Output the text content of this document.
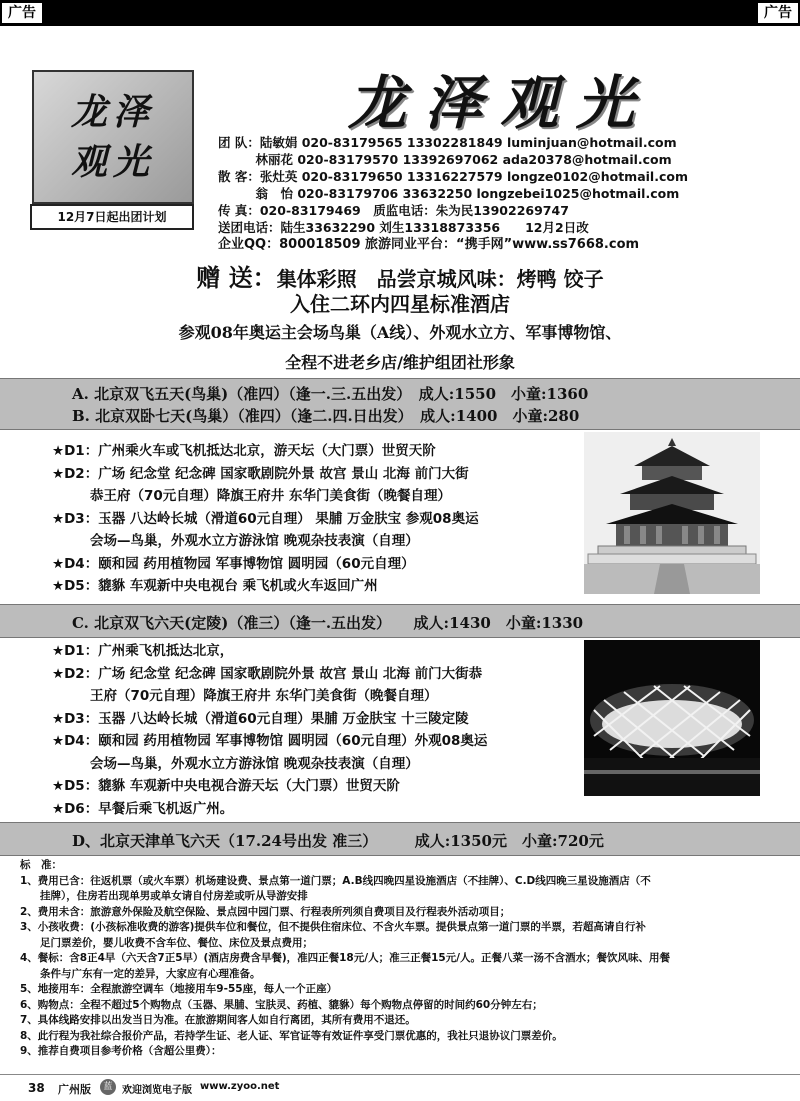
广告	广告
龙泽
观光
12月7日起出团计划
龙泽观光
团 队：陆敏娟 020-83179565 13302281849 luminjuan@hotmail.com
　　　林丽花 020-83179570 13392697062 ada20378@hotmail.com
散 客：张灶英 020-83179650 13316227579 longze0102@hotmail.com
　　　翁　怡 020-83179706 33632250 longzebei1025@hotmail.com
传 真：020-83179469　质监电话：朱为民13902269747
送团电话：陆生33632290 刘生13318873356　　12月2日改
企业QQ：800018509 旅游同业平台：“携手网”www.ss7668.com
赠 送：集体彩照　品尝京城风味：烤鸭 饺子
入住二环内四星标准酒店
参观08年奥运主会场鸟巢（A线）、外观水立方、军事博物馆、
全程不进老乡店/维护组团社形象
A. 北京双飞五天(鸟巢)（准四）（逢一.三.五出发）　成人:1550　小童:1360
B. 北京双卧七天(鸟巢）（准四）（逢二.四.日出发）　成人:1400　小童:280
★D1：广州乘火车或飞机抵达北京，游天坛（大门票）世贸天阶
★D2：广场 纪念堂 纪念碑 国家歌剧院外景 故宫 景山 北海 前门大街
恭王府（70元自理）降旗王府井 东华门美食街（晚餐自理）
★D3：玉器 八达岭长城（滑道60元自理） 果脯 万金肤宝 参观08奥运
会场—鸟巢，外观水立方游泳馆 晚观杂技表演（自理）
★D4：颐和园 药用植物园 军事博物馆 圆明园（60元自理）
★D5：貔貅 车观新中央电视台 乘飞机或火车返回广州
C. 北京双飞六天(定陵)（准三）（逢一.五出发）　　成人:1430　小童:1330
★D1：广州乘飞机抵达北京，
★D2：广场 纪念堂 纪念碑 国家歌剧院外景 故宫 景山 北海 前门大街恭
王府（70元自理）降旗王府井 东华门美食街（晚餐自理）
★D3：玉器 八达岭长城（滑道60元自理）果脯 万金肤宝 十三陵定陵
★D4：颐和园 药用植物园 军事博物馆 圆明园（60元自理）外观08奥运
会场—鸟巢，外观水立方游泳馆 晚观杂技表演（自理）
★D5：貔貅 车观新中央电视合游天坛（大门票）世贸天阶
★D6：早餐后乘飞机返广州。
D、北京天津单飞六天（17.24号出发 准三）　　　成人:1350元　小童:720元
标　准：
1、费用已含：往返机票（或火车票）机场建设费、景点第一道门票；A.B线四晚四星设施酒店（不挂牌）、C.D线四晚三星设施酒店（不
挂牌），住房若出现单男或单女请自付房差或听从导游安排
2、费用未含：旅游意外保险及航空保险、景点园中园门票、行程表所列须自费项目及行程表外活动项目；
3、小孩收费：(小孩标准收费的游客)提供车位和餐位，但不提供住宿床位、不含火车票。提供景点第一道门票的半票，若超高请自行补
足门票差价，婴儿收费不含车位、餐位、床位及景点费用；
4、餐标：含8正4早（六天含7正5早）(酒店房费含早餐)，准四正餐18元/人；准三正餐15元/人。正餐八菜一汤不含酒水；餐饮风味、用餐
条件与广东有一定的差异，大家应有心理准备。
5、地接用车：全程旅游空调车（地接用车9-55座，每人一个正座）
6、购物点：全程不超过5个购物点（玉器、果脯、宝肤灵、药植、貔貅）每个购物点停留的时间约60分钟左右；
7、具体线路安排以出发当日为准。在旅游期间客人如自行离团，其所有费用不退还。
8、此行程为我社综合报价产品，若持学生证、老人证、军官证等有效证件享受门票优惠的，我社只退协议门票差价。
9、推荐自费项目参考价格（含超公里费）：
38 广州版	蓝 欢迎浏览电子版 www.zyoo.net
